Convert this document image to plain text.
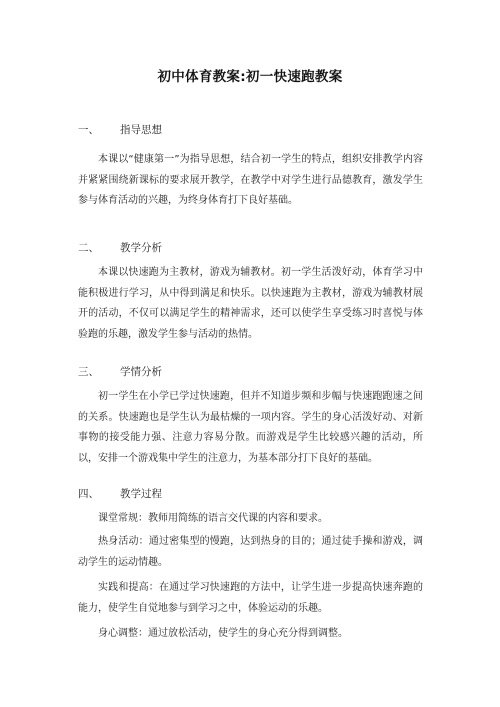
初中体育教案:初一快速跑教案
一、 指导思想
本课以“健康第一”为指导思想，结合初一学生的特点，组织安排教学内容并紧紧围绕新课标的要求展开教学，在教学中对学生进行品德教育，激发学生参与体育活动的兴趣，为终身体育打下良好基础。
二、 教学分析
本课以快速跑为主教材，游戏为辅教材。初一学生活泼好动，体育学习中能积极进行学习，从中得到满足和快乐。以快速跑为主教材，游戏为辅教材展开的活动，不仅可以满足学生的精神需求，还可以使学生享受练习时喜悦与体验跑的乐趣，激发学生参与活动的热情。
三、 学情分析
初一学生在小学已学过快速跑，但并不知道步频和步幅与快速跑跑速之间的关系。快速跑也是学生认为最枯燥的一项内容。学生的身心活泼好动、对新事物的接受能力强、注意力容易分散。而游戏是学生比较感兴趣的活动，所以，安排一个游戏集中学生的注意力，为基本部分打下良好的基础。
四、 教学过程
课堂常规：教师用简练的语言交代课的内容和要求。
热身活动：通过密集型的慢跑，达到热身的目的；通过徒手操和游戏，调动学生的运动情趣。
实践和提高：在通过学习快速跑的方法中，让学生进一步提高快速奔跑的能力，使学生自觉地参与到学习之中，体验运动的乐趣。
身心调整：通过放松活动，使学生的身心充分得到调整。
